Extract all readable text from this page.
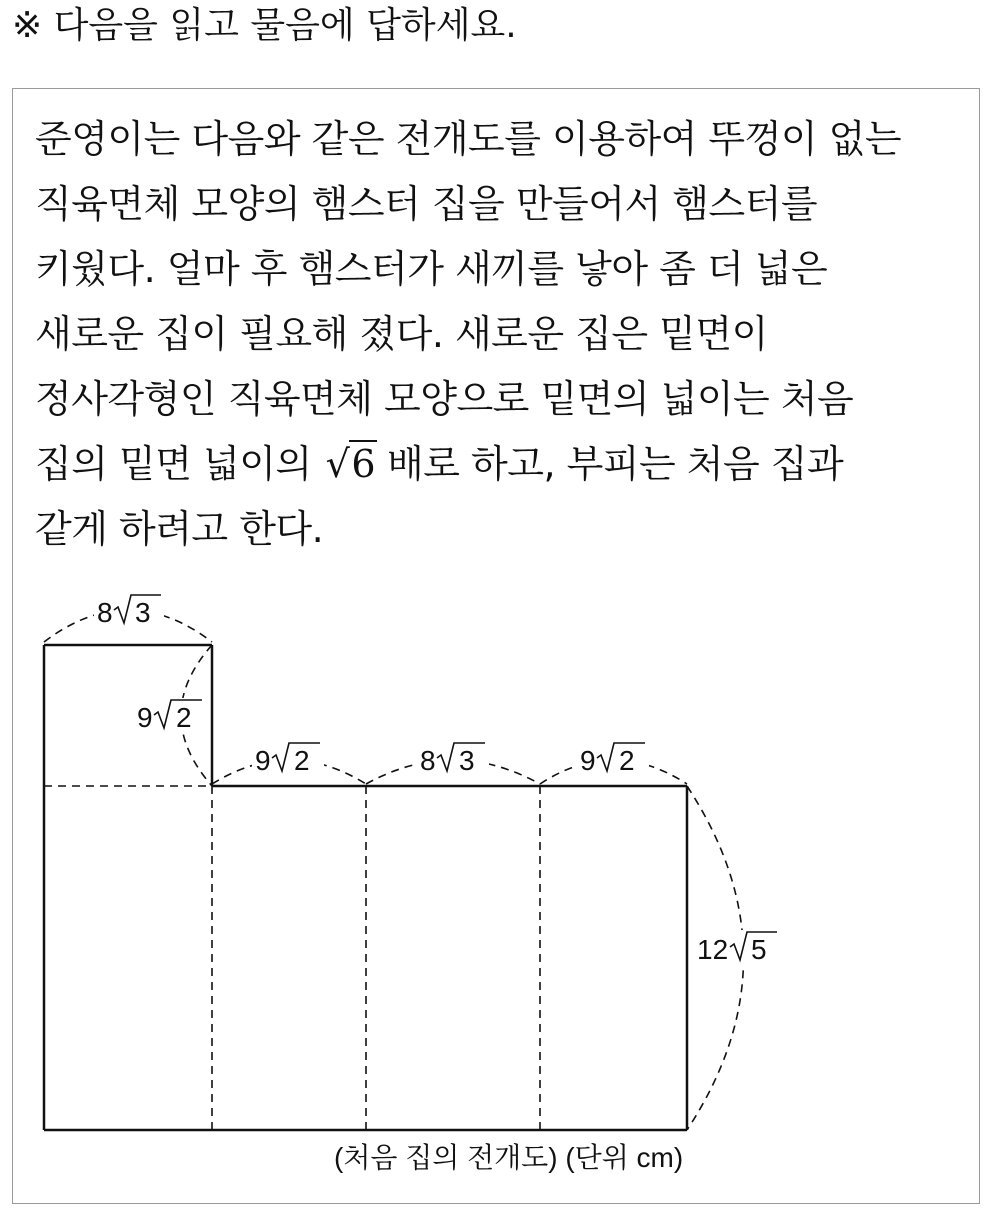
※ 다음을 읽고 물음에 답하세요.
준영이는 다음와 같은 전개도를 이용하여 뚜껑이 없는
직육면체 모양의 햄스터 집을 만들어서 햄스터를
키웠다. 얼마 후 햄스터가 새끼를 낳아 좀 더 넓은
새로운 집이 필요해 졌다. 새로운 집은 밑면이
정사각형인 직육면체 모양으로 밑면의 넓이는 처음
집의 밑면 넓이의 √6 배로 하고, 부피는 처음 집과
같게 하려고 한다.
8 3
9 2
9 2	8 3	9 2
12 5
(처음 집의 전개도) (단위 cm)
